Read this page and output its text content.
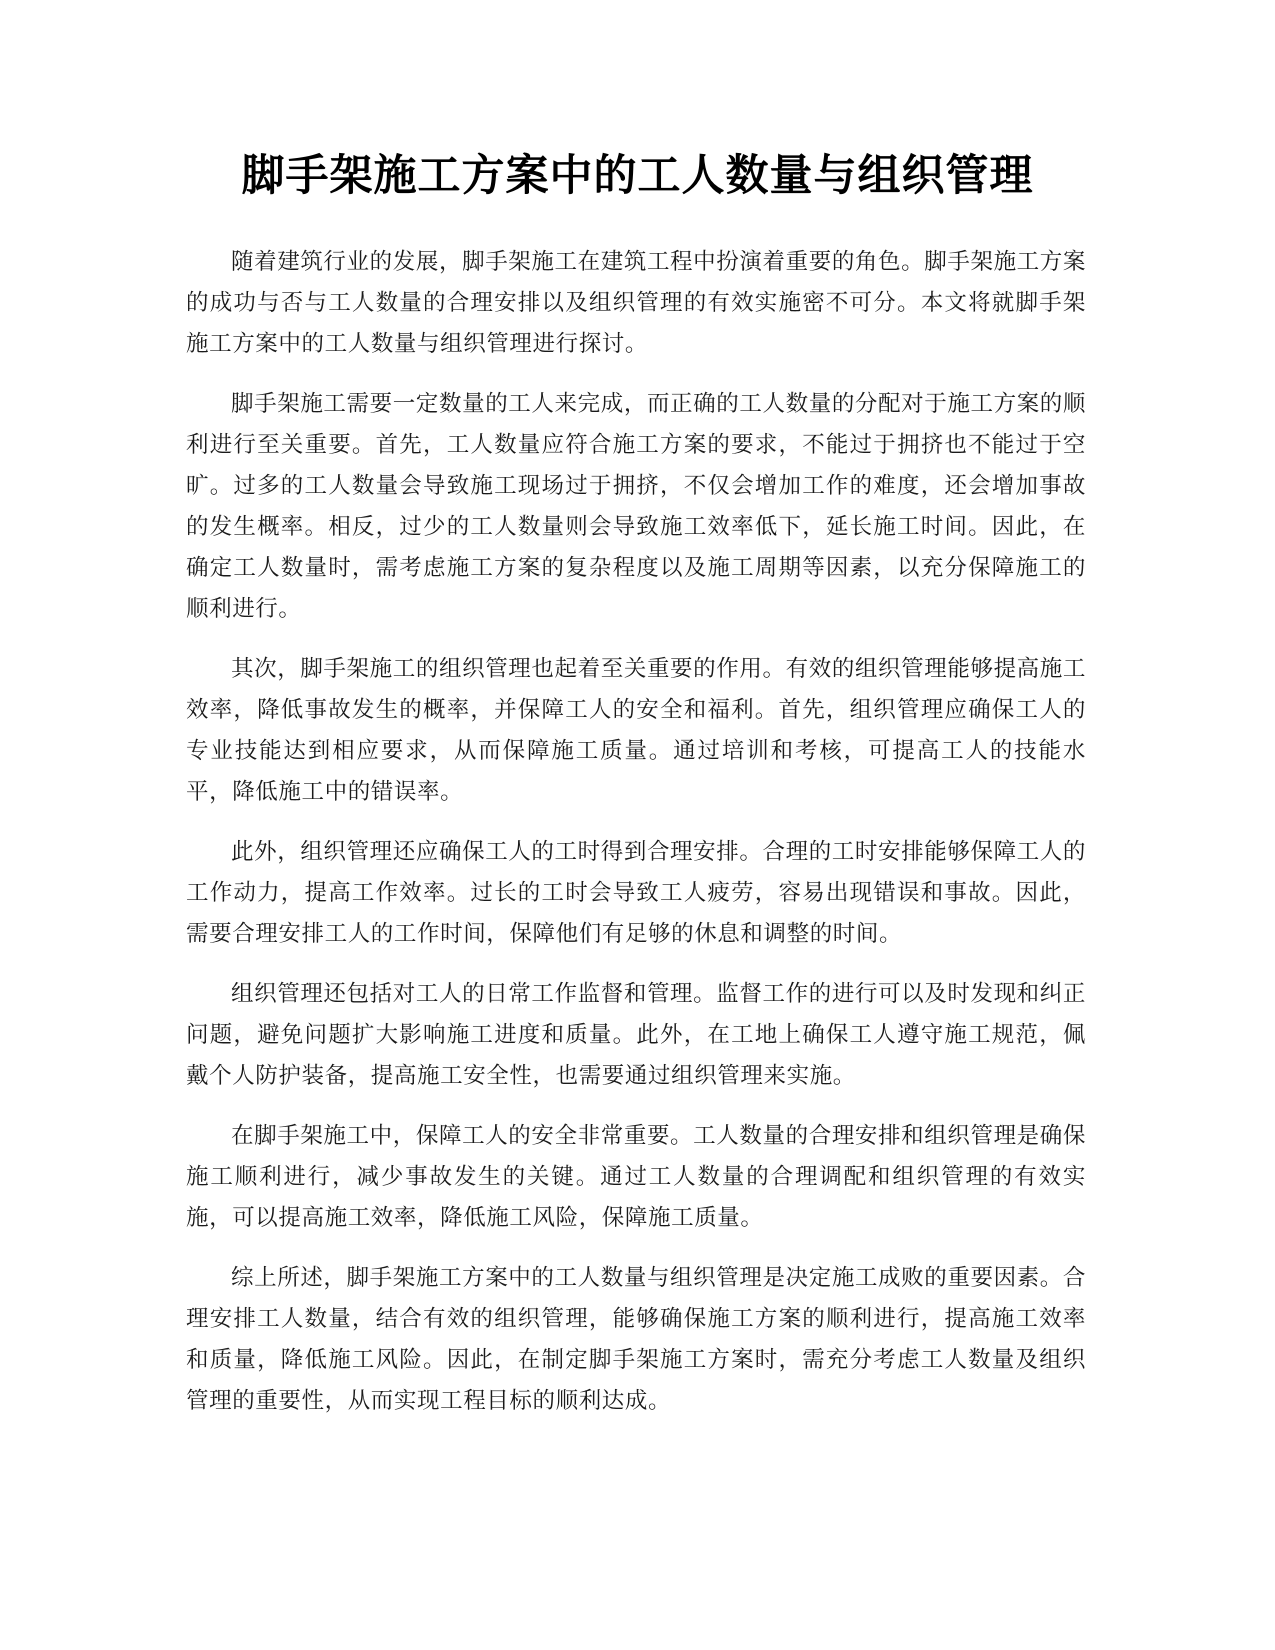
脚手架施工方案中的工人数量与组织管理

随着建筑行业的发展，脚手架施工在建筑工程中扮演着重要的角色。脚手架施工方案的成功与否与工人数量的合理安排以及组织管理的有效实施密不可分。本文将就脚手架施工方案中的工人数量与组织管理进行探讨。

脚手架施工需要一定数量的工人来完成，而正确的工人数量的分配对于施工方案的顺利进行至关重要。首先，工人数量应符合施工方案的要求，不能过于拥挤也不能过于空旷。过多的工人数量会导致施工现场过于拥挤，不仅会增加工作的难度，还会增加事故的发生概率。相反，过少的工人数量则会导致施工效率低下，延长施工时间。因此，在确定工人数量时，需考虑施工方案的复杂程度以及施工周期等因素，以充分保障施工的顺利进行。

其次，脚手架施工的组织管理也起着至关重要的作用。有效的组织管理能够提高施工效率，降低事故发生的概率，并保障工人的安全和福利。首先，组织管理应确保工人的专业技能达到相应要求，从而保障施工质量。通过培训和考核，可提高工人的技能水平，降低施工中的错误率。

此外，组织管理还应确保工人的工时得到合理安排。合理的工时安排能够保障工人的工作动力，提高工作效率。过长的工时会导致工人疲劳，容易出现错误和事故。因此，需要合理安排工人的工作时间，保障他们有足够的休息和调整的时间。

组织管理还包括对工人的日常工作监督和管理。监督工作的进行可以及时发现和纠正问题，避免问题扩大影响施工进度和质量。此外，在工地上确保工人遵守施工规范，佩戴个人防护装备，提高施工安全性，也需要通过组织管理来实施。

在脚手架施工中，保障工人的安全非常重要。工人数量的合理安排和组织管理是确保施工顺利进行，减少事故发生的关键。通过工人数量的合理调配和组织管理的有效实施，可以提高施工效率，降低施工风险，保障施工质量。

综上所述，脚手架施工方案中的工人数量与组织管理是决定施工成败的重要因素。合理安排工人数量，结合有效的组织管理，能够确保施工方案的顺利进行，提高施工效率和质量，降低施工风险。因此，在制定脚手架施工方案时，需充分考虑工人数量及组织管理的重要性，从而实现工程目标的顺利达成。
